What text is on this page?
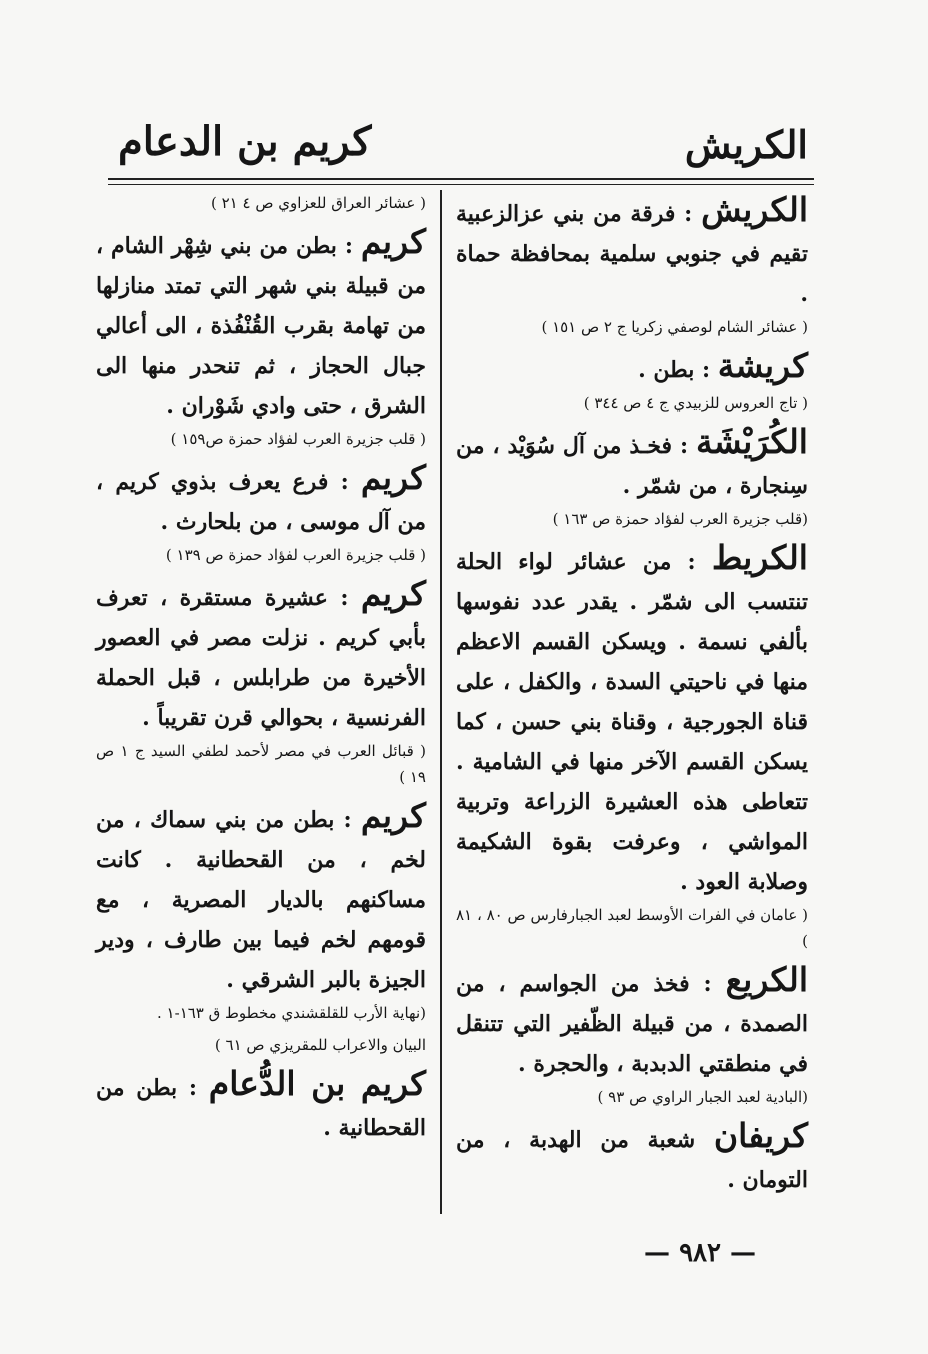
الكريش
كريم بن الدعام

الكريش : فرقة من بني عزالزعبية تقيم في جنوبي سلمية بمحافظة حماة .

( عشائر الشام لوصفي زكريا ج ٢ ص ١٥١ )

كريشة : بطن .

( تاج العروس للزبيدي ج ٤ ص ٣٤٤ )

الكُرَيْشَة : فخـذ من آل سُوَيْد ، من سِنجارة ، من شمّر .

(قلب جزيرة العرب لفؤاد حمزة ص ١٦٣ )

الكريط : من عشائر لواء الحلة تنتسب الى شمّر . يقدر عدد نفوسها بألفي نسمة . ويسكن القسم الاعظم منها في ناحيتي السدة ، والكفل ، على قناة الجورجية ، وقناة بني حسن ، كما يسكن القسم الآخر منها في الشامية . تتعاطى هذه العشيرة الزراعة وتربية المواشي ، وعرفت بقوة الشكيمة وصلابة العود .

( عامان في الفرات الأوسط لعبد الجبارفارس ص ٨٠ ، ٨١ )

الكريع : فخذ من الجواسم ، من الصمدة ، من قبيلة الظّفير التي تتنقل في منطقتي الدبدبة ، والحجرة .

(البادية لعبد الجبار الراوي ص ٩٣ )

كريفان شعبة من الهدبة ، من التومان .

( عشائر العراق للعزاوي ص ٤ ٢١ )

كريم : بطن من بني شِهْر الشام ، من قبيلة بني شهر التي تمتد منازلها من تهامة بقرب القُنْفُذة ، الى أعالي جبال الحجاز ، ثم تنحدر منها الى الشرق ، حتى وادي شَوْران .

( قلب جزيرة العرب لفؤاد حمزة ص١٥٩ )

كريم : فرع يعرف بذوي كريم ، من آل موسى ، من بلحارث .

( قلب جزيرة العرب لفؤاد حمزة ص ١٣٩ )

كريم : عشيرة مستقرة ، تعرف بأبي كريم . نزلت مصر في العصور الأخيرة من طرابلس ، قبل الحملة الفرنسية ، بحوالي قرن تقريباً .

( قبائل العرب في مصر لأحمد لطفي السيد ج ١ ص ١٩ )

كريم : بطن من بني سماك ، من لخم ، من القحطانية . كانت مساكنهم بالديار المصرية ، مع قومهم لخم فيما بين طارف ، ودير الجيزة بالبر الشرقي .

(نهاية الأرب للقلقشندي مخطوط ق ١٦٣-١ .

البيان والاعراب للمقريزي ص ٦١ )

كريم بن الدُّعام : بطن من القحطانية .

— ٩٨٢ —
